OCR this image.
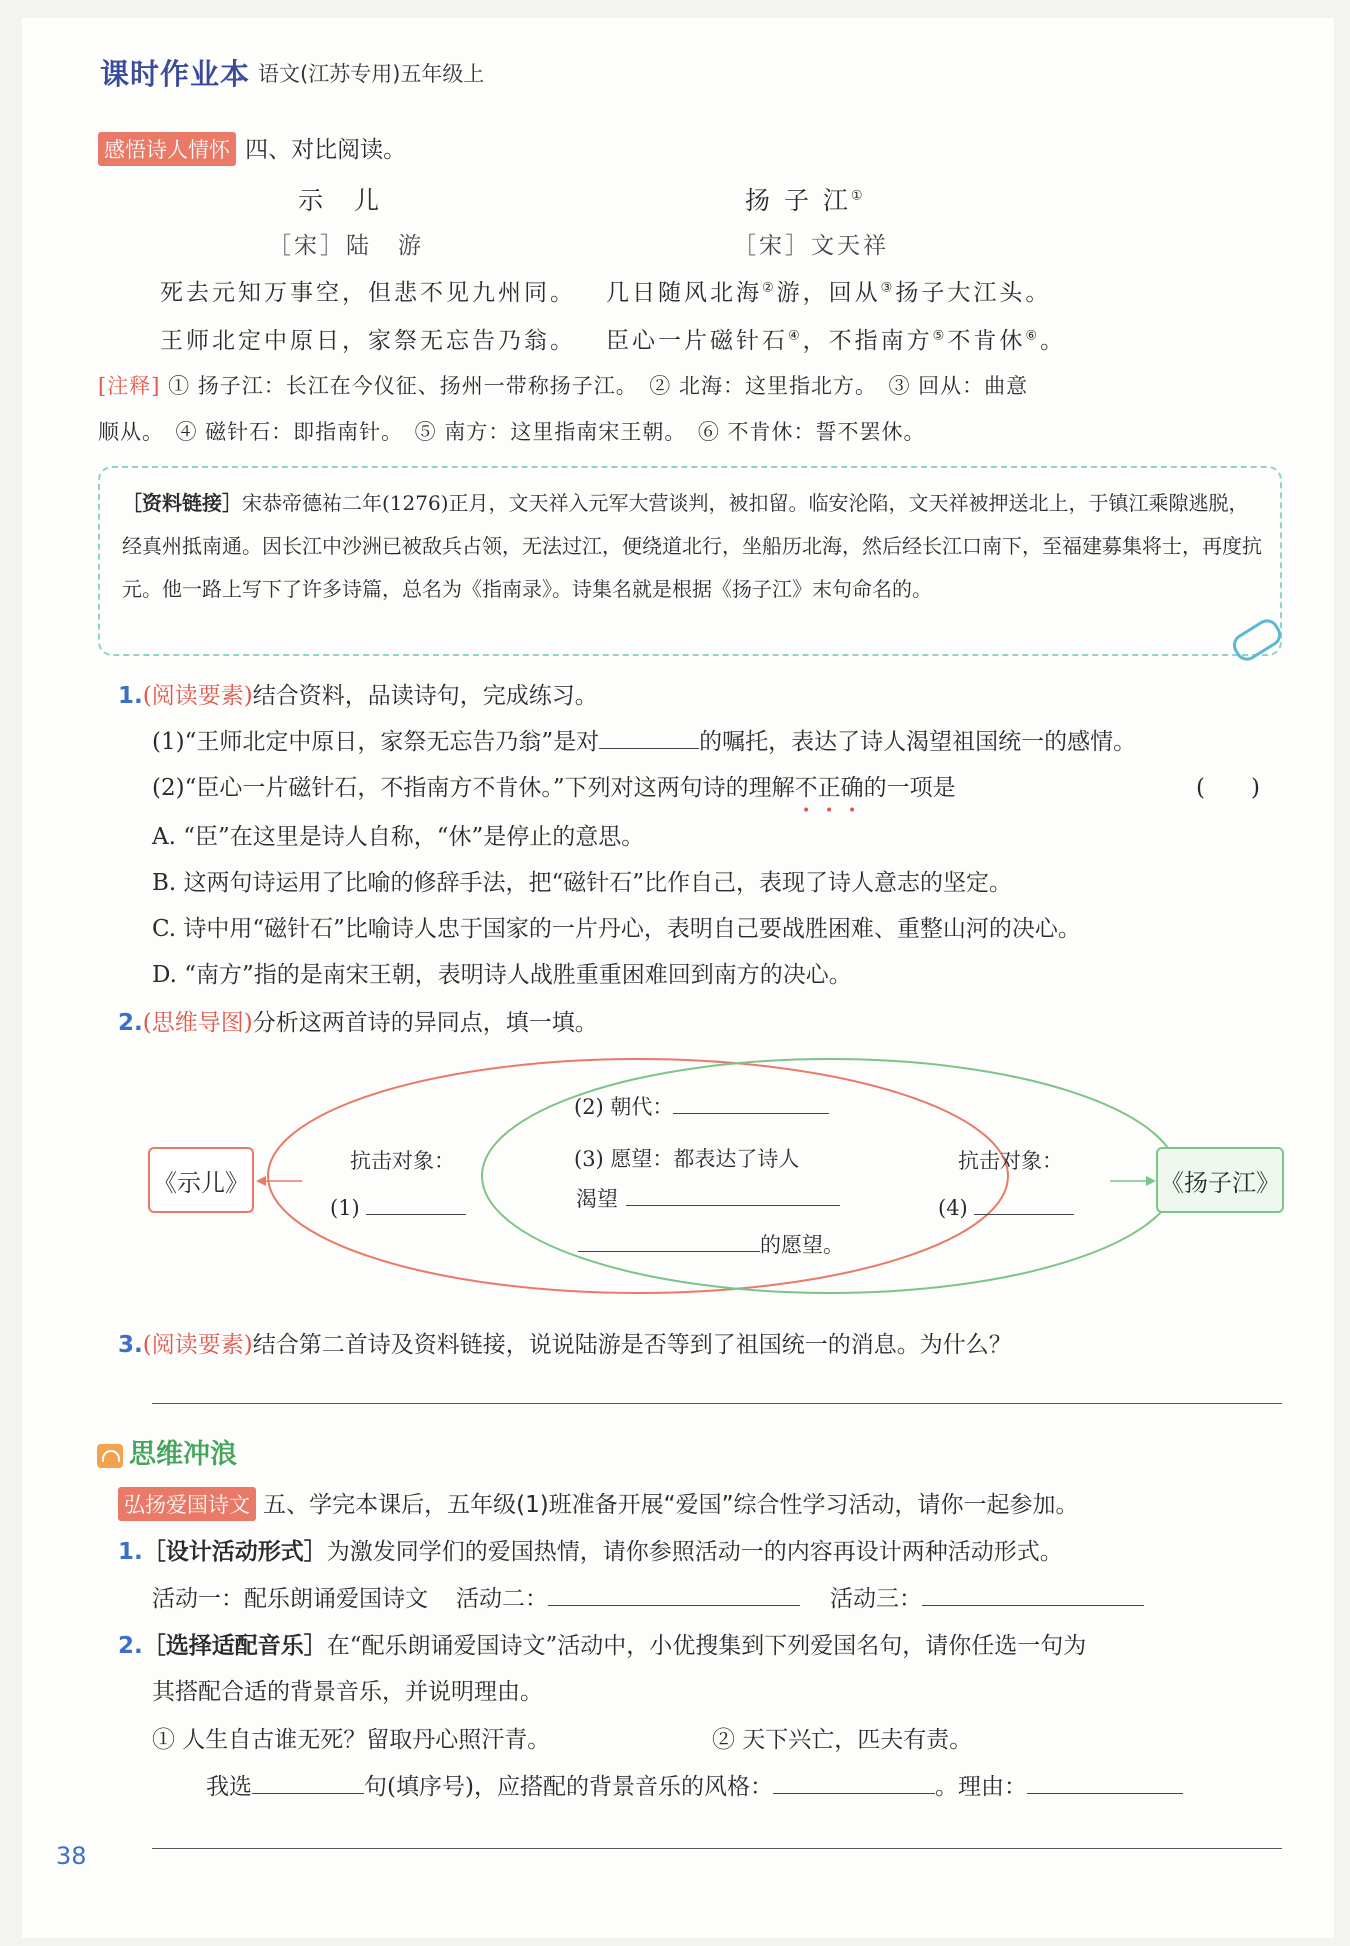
课时作业本 语文(江苏专用)五年级上
感悟诗人情怀 四、对比阅读。
示　儿
［宋］陆　游
死去元知万事空，但悲不见九州同。
王师北定中原日，家祭无忘告乃翁。
扬 子 江①
［宋］文天祥
几日随风北海②游，回从③扬子大江头。
臣心一片磁针石④，不指南方⑤不肯休⑥。
[注释] ① 扬子江：长江在今仪征、扬州一带称扬子江。　② 北海：这里指北方。　③ 回从：曲意
顺从。　④ 磁针石：即指南针。　⑤ 南方：这里指南宋王朝。　⑥ 不肯休：誓不罢休。
［资料链接］宋恭帝德祐二年(1276)正月，文天祥入元军大营谈判，被扣留。临安沦陷，文天祥被押送北上，于镇江乘隙逃脱，经真州抵南通。因长江中沙洲已被敌兵占领，无法过江，便绕道北行，坐船历北海，然后经长江口南下，至福建募集将士，再度抗元。他一路上写下了许多诗篇，总名为《指南录》。诗集名就是根据《扬子江》末句命名的。
1.(阅读要素)结合资料，品读诗句，完成练习。
(1)“王师北定中原日，家祭无忘告乃翁”是对	的嘱托，表达了诗人渴望祖国统一的感情。
(2)“臣心一片磁针石，不指南方不肯休。”下列对这两句诗的理解不正确的一项是	(　　)
A. “臣”在这里是诗人自称，“休”是停止的意思。
B. 这两句诗运用了比喻的修辞手法，把“磁针石”比作自己，表现了诗人意志的坚定。
C. 诗中用“磁针石”比喻诗人忠于国家的一片丹心，表明自己要战胜困难、重整山河的决心。
D. “南方”指的是南宋王朝，表明诗人战胜重重困难回到南方的决心。
2.(思维导图)分析这两首诗的异同点，填一填。
《示儿》	《扬子江》
抗击对象：
(1)
抗击对象：
(4)
(2) 朝代：
(3) 愿望：都表达了诗人
渴望
的愿望。
3.(阅读要素)结合第二首诗及资料链接，说说陆游是否等到了祖国统一的消息。为什么？
思维冲浪
弘扬爱国诗文 五、学完本课后，五年级(1)班准备开展“爱国”综合性学习活动，请你一起参加。
1.［设计活动形式］为激发同学们的爱国热情，请你参照活动一的内容再设计两种活动形式。
活动一：配乐朗诵爱国诗文 活动二：	活动三：
2.［选择适配音乐］在“配乐朗诵爱国诗文”活动中，小优搜集到下列爱国名句，请你任选一句为
其搭配合适的背景音乐，并说明理由。
① 人生自古谁无死？留取丹心照汗青。	② 天下兴亡，匹夫有责。
我选	句(填序号)，应搭配的背景音乐的风格：	。理由：
38
